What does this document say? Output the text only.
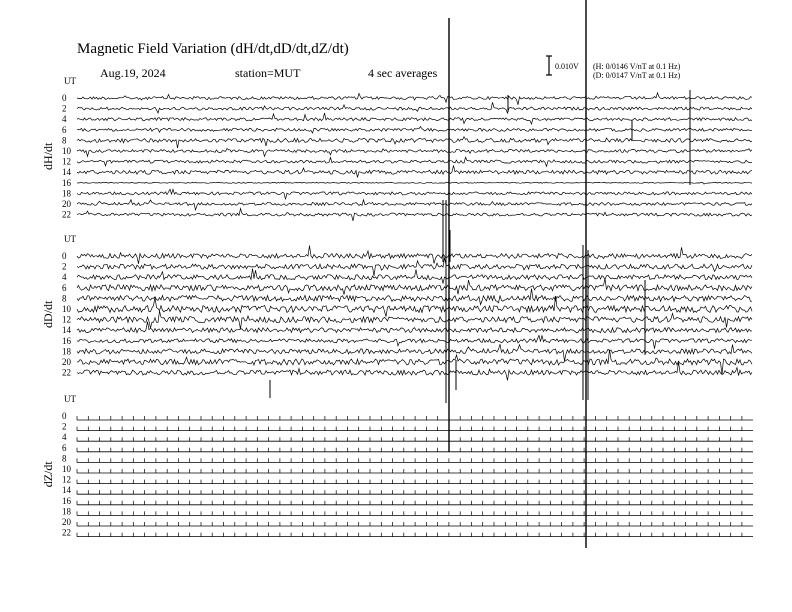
Magnetic Field Variation (dH/dt,dD/dt,dZ/dt)
Aug.19, 2024	station=MUT	4 sec averages	0.010V (H: 0/0146 V/nT at 0.1 Hz)
(D: 0/0147 V/nT at 0.1 Hz)
UT
dH/dt
0
2
4
6
8
10
12
14
16
18
20
22
UT
dD/dt
0
2
4
6
8
10
12
14
16
18
20
22
UT
dZ/dt
0
2
4
6
8
10
12
14
16
18
20
22
